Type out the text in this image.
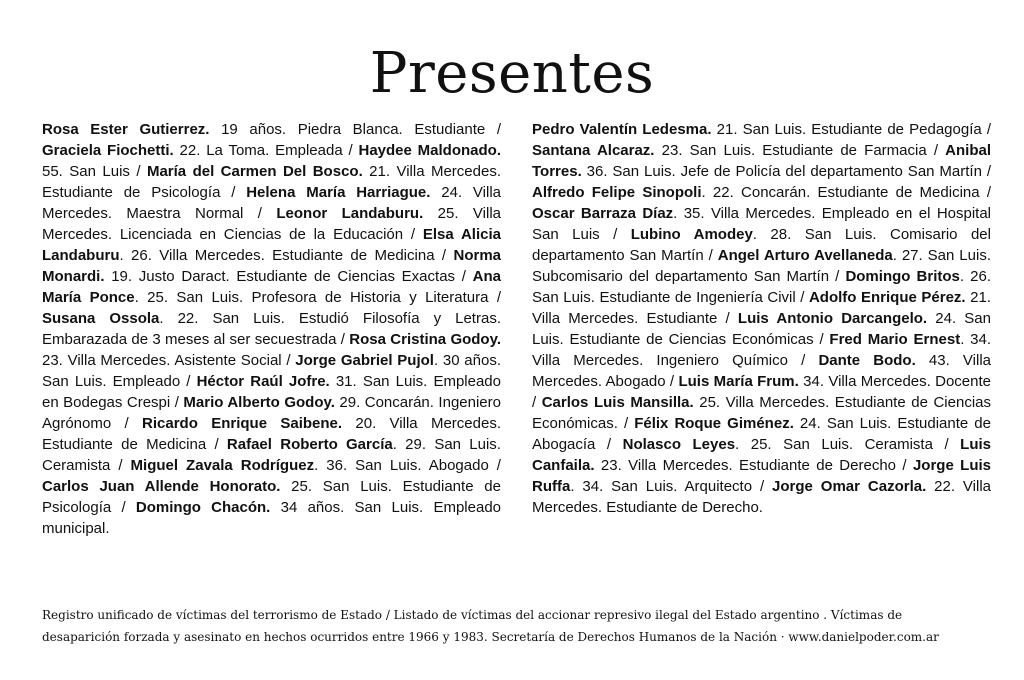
Presentes
Rosa Ester Gutierrez. 19 años. Piedra Blanca. Estudiante / Graciela Fiochetti. 22. La Toma. Empleada / Haydee Maldonado. 55. San Luis / María del Carmen Del Bosco. 21. Villa Mercedes. Estudiante de Psicología / Helena María Harriague. 24. Villa Mercedes. Maestra Normal / Leonor Landaburu. 25. Villa Mercedes. Licenciada en Ciencias de la Educación / Elsa Alicia Landaburu. 26. Villa Mercedes. Estudiante de Medicina / Norma Monardi. 19. Justo Daract. Estudiante de Ciencias Exactas / Ana María Ponce. 25. San Luis. Profesora de Historia y Literatura / Susana Ossola. 22. San Luis. Estudió Filosofía y Letras. Embarazada de 3 meses al ser secuestrada / Rosa Cristina Godoy. 23. Villa Mercedes. Asistente Social / Jorge Gabriel Pujol. 30 años. San Luis. Empleado / Héctor Raúl Jofre. 31. San Luis. Empleado en Bodegas Crespi / Mario Alberto Godoy. 29. Concarán. Ingeniero Agrónomo / Ricardo Enrique Saibene. 20. Villa Mercedes. Estudiante de Medicina / Rafael Roberto García. 29. San Luis. Ceramista / Miguel Zavala Rodríguez. 36. San Luis. Abogado / Carlos Juan Allende Honorato. 25. San Luis. Estudiante de Psicología / Domingo Chacón. 34 años. San Luis. Empleado municipal.
Pedro Valentín Ledesma. 21. San Luis. Estudiante de Pedagogía / Santana Alcaraz. 23. San Luis. Estudiante de Farmacia / Anibal Torres. 36. San Luis. Jefe de Policía del departamento San Martín / Alfredo Felipe Sinopoli. 22. Concarán. Estudiante de Medicina / Oscar Barraza Díaz. 35. Villa Mercedes. Empleado en el Hospital San Luis / Lubino Amodey. 28. San Luis. Comisario del departamento San Martín / Angel Arturo Avellaneda. 27. San Luis. Subcomisario del departamento San Martín / Domingo Britos. 26. San Luis. Estudiante de Ingeniería Civil / Adolfo Enrique Pérez. 21. Villa Mercedes. Estudiante / Luis Antonio Darcangelo. 24. San Luis. Estudiante de Ciencias Económicas / Fred Mario Ernest. 34. Villa Mercedes. Ingeniero Químico / Dante Bodo. 43. Villa Mercedes. Abogado / Luis María Frum. 34. Villa Mercedes. Docente / Carlos Luis Mansilla. 25. Villa Mercedes. Estudiante de Ciencias Económicas. / Félix Roque Giménez. 24. San Luis. Estudiante de Abogacía / Nolasco Leyes. 25. San Luis. Ceramista / Luis Canfaila. 23. Villa Mercedes. Estudiante de Derecho / Jorge Luis Ruffa. 34. San Luis. Arquitecto / Jorge Omar Cazorla. 22. Villa Mercedes. Estudiante de Derecho.
Registro unificado de víctimas del terrorismo de Estado / Listado de víctimas del accionar represivo ilegal del Estado argentino . Víctimas de desaparición forzada y asesinato en hechos ocurridos entre 1966 y 1983. Secretaría de Derechos Humanos de la Nación · www.danielpoder.com.ar
